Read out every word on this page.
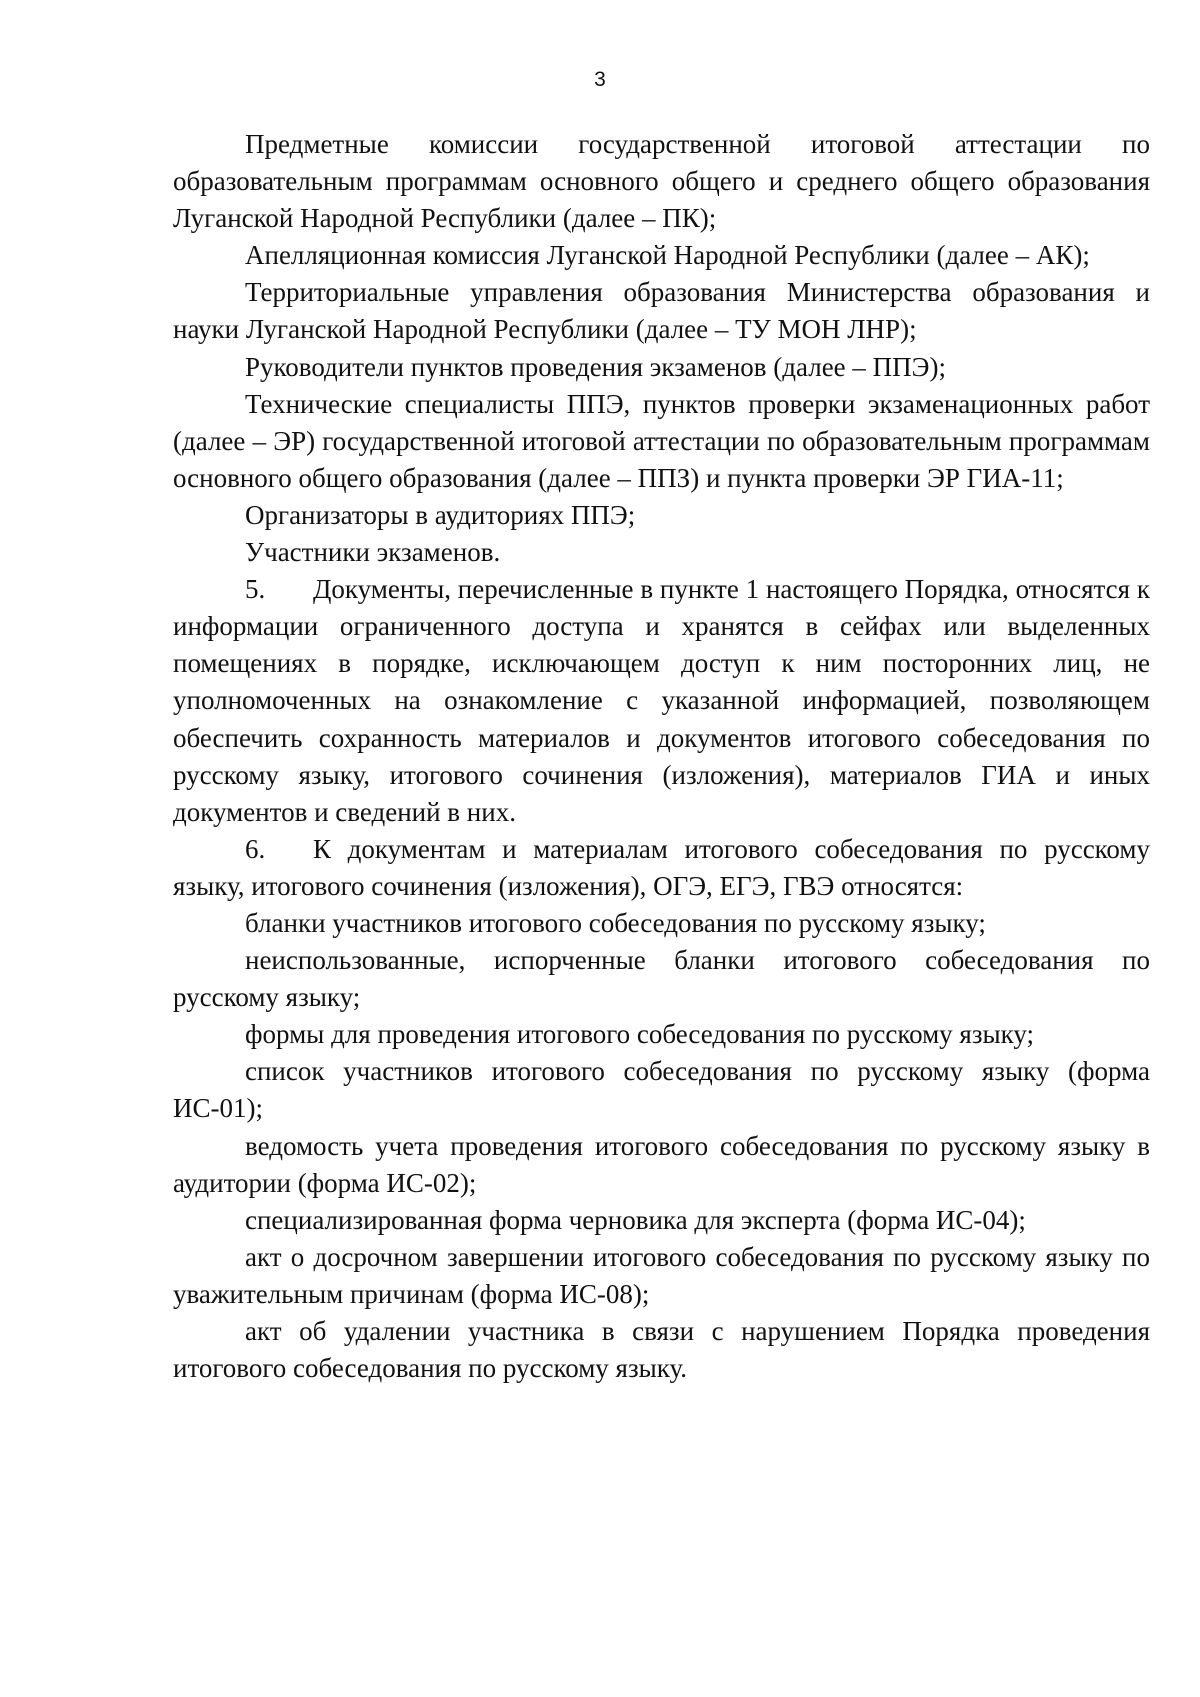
3

Предметные комиссии государственной итоговой аттестации по образовательным программам основного общего и среднего общего образования Луганской Народной Республики (далее – ПК);

Апелляционная комиссия Луганской Народной Республики (далее – АК);

Территориальные управления образования Министерства образования и науки Луганской Народной Республики (далее – ТУ МОН ЛНР);

Руководители пунктов проведения экзаменов (далее – ППЭ);

Технические специалисты ППЭ, пунктов проверки экзаменационных работ (далее – ЭР) государственной итоговой аттестации по образовательным программам основного общего образования (далее – ППЗ) и пункта проверки ЭР ГИА-11;

Организаторы в аудиториях ППЭ;

Участники экзаменов.

5. Документы, перечисленные в пункте 1 настоящего Порядка, относятся к информации ограниченного доступа и хранятся в сейфах или выделенных помещениях в порядке, исключающем доступ к ним посторонних лиц, не уполномоченных на ознакомление с указанной информацией, позволяющем обеспечить сохранность материалов и документов итогового собеседования по русскому языку, итогового сочинения (изложения), материалов ГИА и иных документов и сведений в них.

6. К документам и материалам итогового собеседования по русскому языку, итогового сочинения (изложения), ОГЭ, ЕГЭ, ГВЭ относятся:

бланки участников итогового собеседования по русскому языку;

неиспользованные, испорченные бланки итогового собеседования по русскому языку;

формы для проведения итогового собеседования по русскому языку;

список участников итогового собеседования по русскому языку (форма ИС-01);

ведомость учета проведения итогового собеседования по русскому языку в аудитории (форма ИС-02);

специализированная форма черновика для эксперта (форма ИС-04);

акт о досрочном завершении итогового собеседования по русскому языку по уважительным причинам (форма ИС-08);

акт об удалении участника в связи с нарушением Порядка проведения итогового собеседования по русскому языку.
